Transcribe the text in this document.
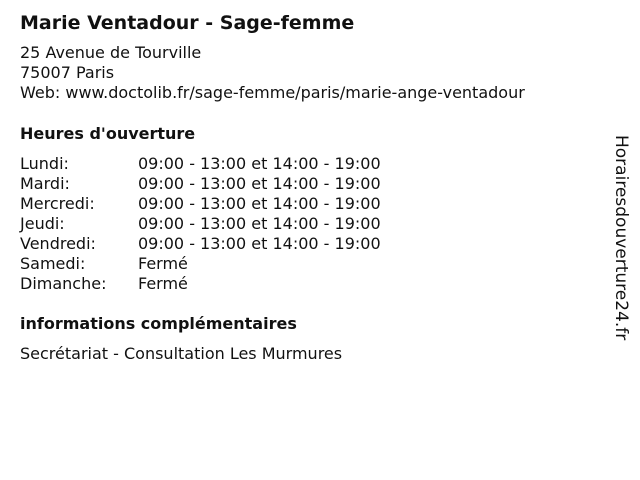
Marie Ventadour - Sage-femme
25 Avenue de Tourville
75007 Paris
Web: www.doctolib.fr/sage-femme/paris/marie-ange-ventadour
Heures d'ouverture
Lundi:	09:00 - 13:00 et 14:00 - 19:00
Mardi:	09:00 - 13:00 et 14:00 - 19:00
Mercredi:	09:00 - 13:00 et 14:00 - 19:00
Jeudi:	09:00 - 13:00 et 14:00 - 19:00
Vendredi:	09:00 - 13:00 et 14:00 - 19:00
Samedi:	Fermé
Dimanche: Fermé
informations complémentaires
Secrétariat - Consultation Les Murmures
Horairesdouverture24.fr
